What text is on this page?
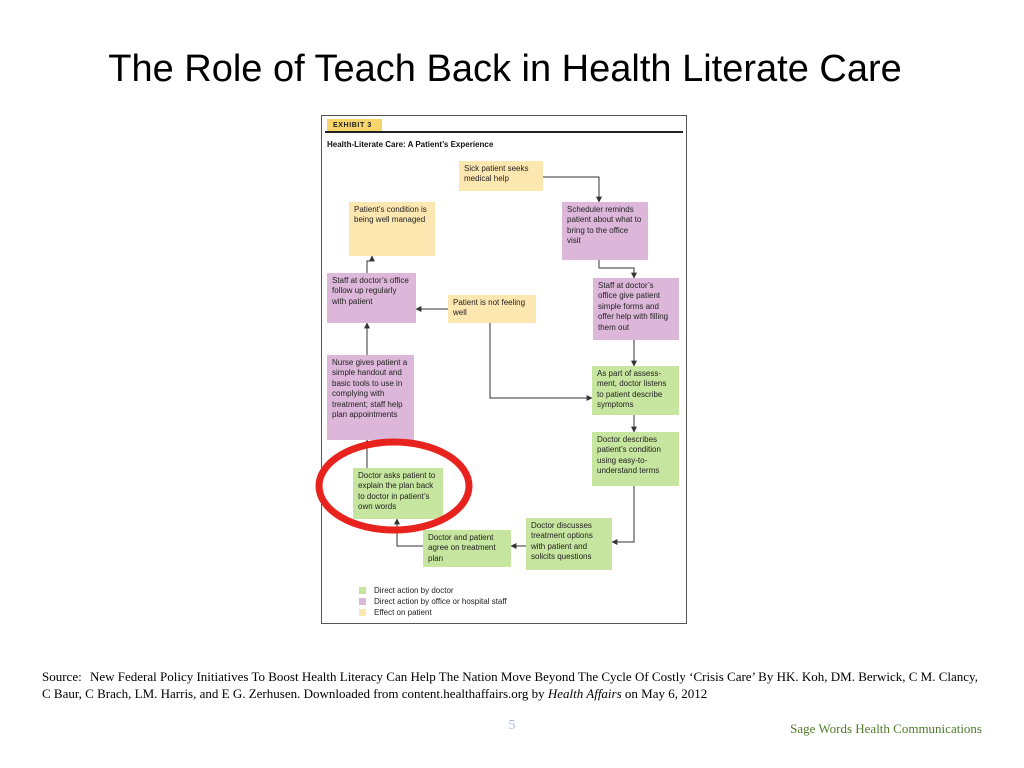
The Role of Teach Back in Health Literate Care
EXHIBIT 3
Health-Literate Care: A Patient’s Experience
Sick patient seeks medical help
Scheduler reminds patient about what to bring to the office visit
Staff at doctor’s office give patient simple forms and offer help with filling them out
As part of assess-ment, doctor listens to patient describe symptoms
Doctor describes patient’s condition using easy-to-understand terms
Doctor discusses treatment options with patient and solicits questions
Doctor and patient agree on treatment plan
Doctor asks patient to explain the plan back to doctor in patient’s own words
Nurse gives patient a simple handout and basic tools to use in complying with treatment; staff help plan appointments
Staff at doctor’s office follow up regularly with patient	Patient is not feeling well
Patient’s condition is being well managed
Direct action by doctor
Direct action by office or hospital staff
Effect on patient
Source: New Federal Policy Initiatives To Boost Health Literacy Can Help The Nation Move Beyond The Cycle Of Costly ‘Crisis Care’ By HK. Koh, DM. Berwick, C M. Clancy, C Baur, C Brach, LM. Harris, and E G. Zerhusen. Downloaded from content.healthaffairs.org by Health Affairs on May 6, 2012
5	Sage Words Health Communications
